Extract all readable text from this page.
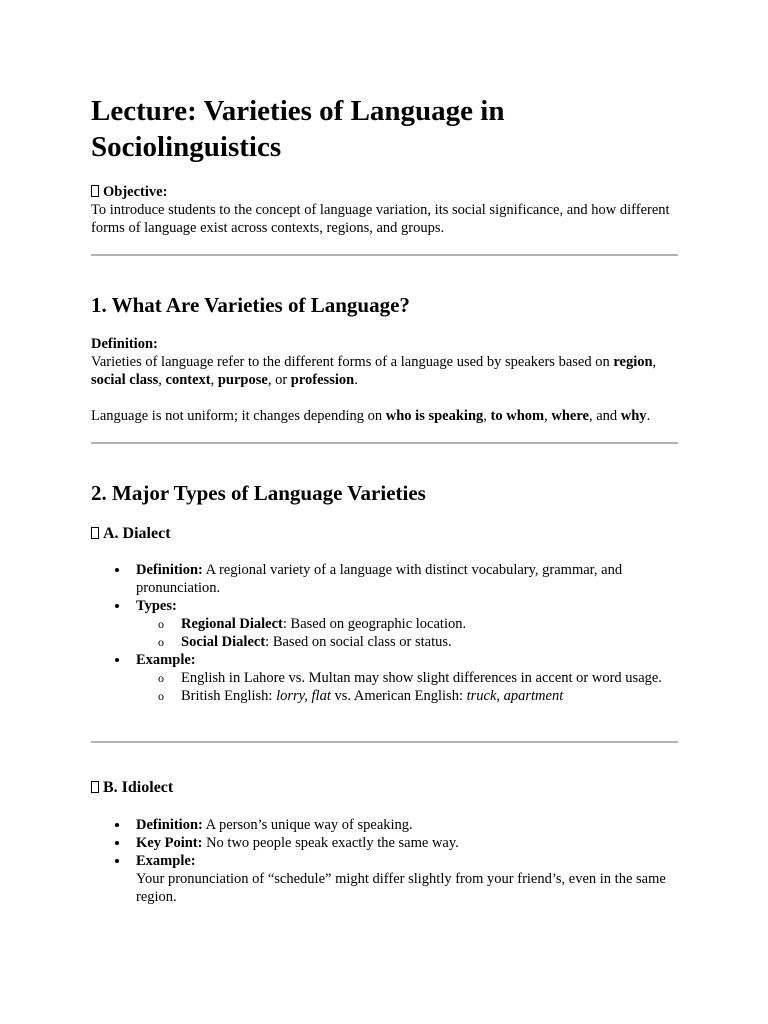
Lecture: Varieties of Language in Sociolinguistics

Objective:

To introduce students to the concept of language variation, its social significance, and how different forms of language exist across contexts, regions, and groups.

1. What Are Varieties of Language?

Definition:

Varieties of language refer to the different forms of a language used by speakers based on region, social class, context, purpose, or profession.

Language is not uniform; it changes depending on who is speaking, to whom, where, and why.

2. Major Types of Language Varieties
A. Dialect
Definition: A regional variety of a language with distinct vocabulary, grammar, and pronunciation.
Types:
o Regional Dialect: Based on geographic location.
o Social Dialect: Based on social class or status.
Example:
o English in Lahore vs. Multan may show slight differences in accent or word usage.
o British English: lorry, flat vs. American English: truck, apartment
B. Idiolect
Definition: A person’s unique way of speaking.
Key Point: No two people speak exactly the same way.
Example:
Your pronunciation of “schedule” might differ slightly from your friend’s, even in the same region.
